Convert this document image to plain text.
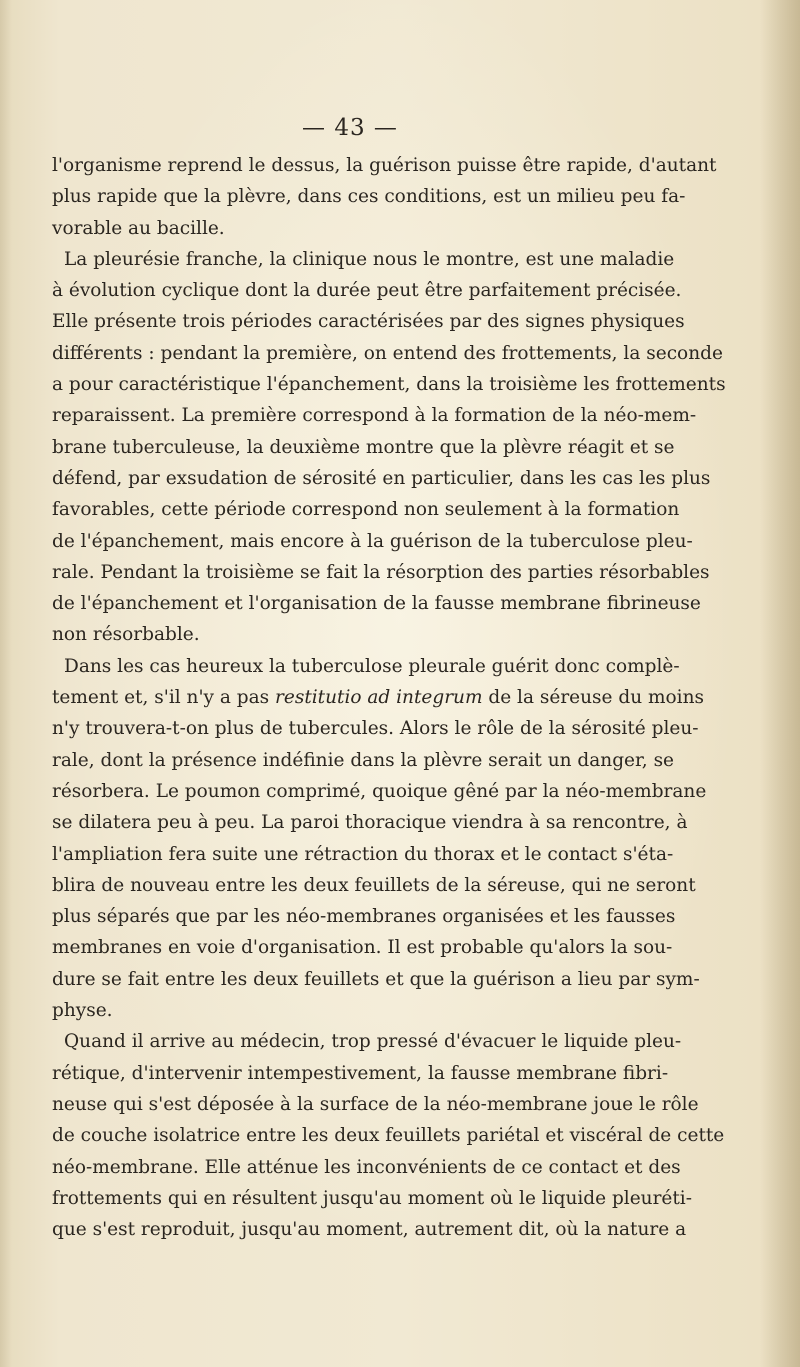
— 43 —
l'organisme reprend le dessus, la guérison puisse être rapide, d'autant
plus rapide que la plèvre, dans ces conditions, est un milieu peu fa-
vorable au bacille.
La pleurésie franche, la clinique nous le montre, est une maladie
à évolution cyclique dont la durée peut être parfaitement précisée.
Elle présente trois périodes caractérisées par des signes physiques
différents : pendant la première, on entend des frottements, la seconde
a pour caractéristique l'épanchement, dans la troisième les frottements
reparaissent. La première correspond à la formation de la néo-mem-
brane tuberculeuse, la deuxième montre que la plèvre réagit et se
défend, par exsudation de sérosité en particulier, dans les cas les plus
favorables, cette période correspond non seulement à la formation
de l'épanchement, mais encore à la guérison de la tuberculose pleu-
rale. Pendant la troisième se fait la résorption des parties résorbables
de l'épanchement et l'organisation de la fausse membrane fibrineuse
non résorbable.
Dans les cas heureux la tuberculose pleurale guérit donc complè-
tement et, s'il n'y a pas restitutio ad integrum de la séreuse du moins
n'y trouvera-t-on plus de tubercules. Alors le rôle de la sérosité pleu-
rale, dont la présence indéfinie dans la plèvre serait un danger, se
résorbera. Le poumon comprimé, quoique gêné par la néo-membrane
se dilatera peu à peu. La paroi thoracique viendra à sa rencontre, à
l'ampliation fera suite une rétraction du thorax et le contact s'éta-
blira de nouveau entre les deux feuillets de la séreuse, qui ne seront
plus séparés que par les néo-membranes organisées et les fausses
membranes en voie d'organisation. Il est probable qu'alors la sou-
dure se fait entre les deux feuillets et que la guérison a lieu par sym-
physe.
Quand il arrive au médecin, trop pressé d'évacuer le liquide pleu-
rétique, d'intervenir intempestivement, la fausse membrane fibri-
neuse qui s'est déposée à la surface de la néo-membrane joue le rôle
de couche isolatrice entre les deux feuillets pariétal et viscéral de cette
néo-membrane. Elle atténue les inconvénients de ce contact et des
frottements qui en résultent jusqu'au moment où le liquide pleuréti-
que s'est reproduit, jusqu'au moment, autrement dit, où la nature a
